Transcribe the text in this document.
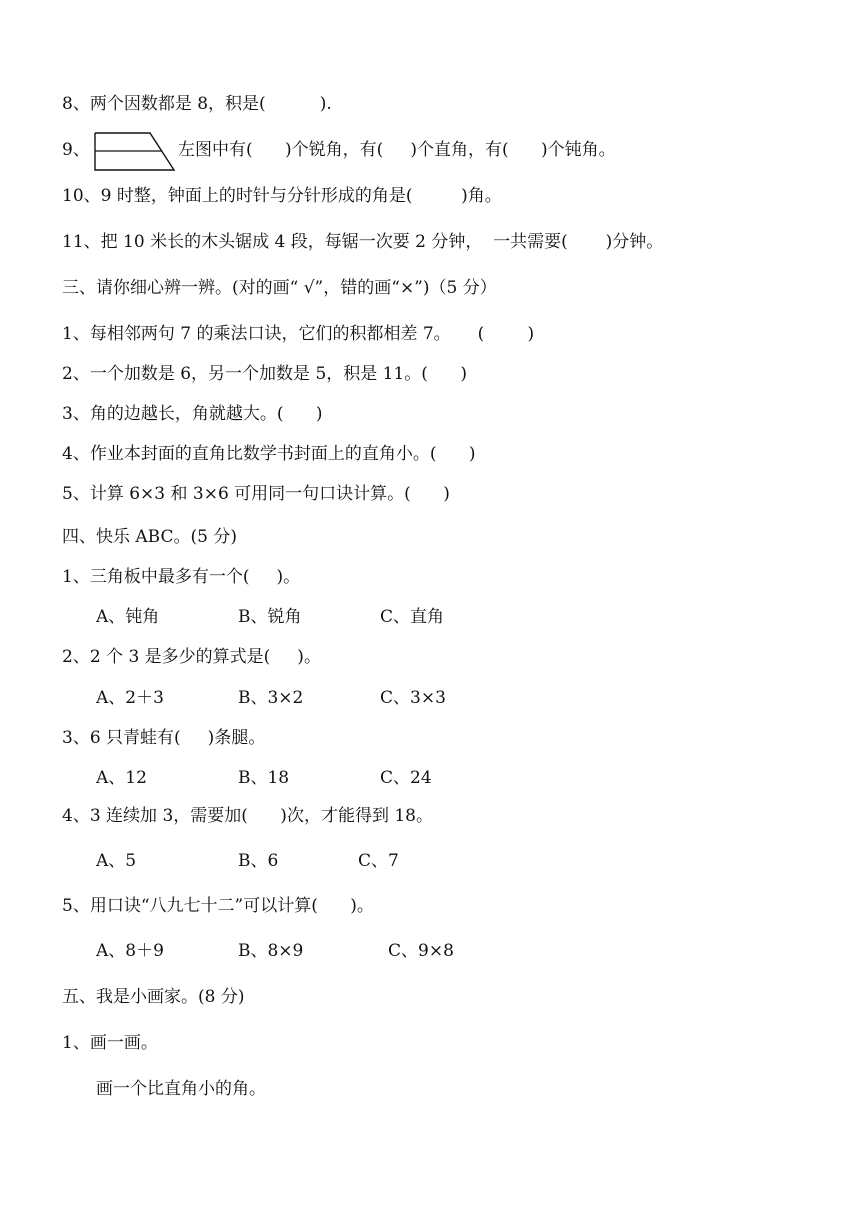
8、两个因数都是 8，积是(          ).
9、	左图中有(      )个锐角，有(     )个直角，有(      )个钝角。
10、9 时整，钟面上的时针与分针形成的角是(         )角。
11、把 10 米长的木头锯成 4 段，每锯一次要 2 分钟，  一共需要(       )分钟。
三、请你细心辨一辨。(对的画“ √”，错的画“×”)（5 分）
1、每相邻两句 7 的乘法口诀，它们的积都相差 7。     (        )
2、一个加数是 6，另一个加数是 5，积是 11。(      )
3、角的边越长，角就越大。(      )
4、作业本封面的直角比数学书封面上的直角小。(      )
5、计算 6×3 和 3×6 可用同一句口诀计算。(      )
四、快乐 ABC。(5 分)
1、三角板中最多有一个(     )。
A、钝角	B、锐角	C、直角
2、2 个 3 是多少的算式是(     )。
A、2＋3	B、3×2	C、3×3
3、6 只青蛙有(     )条腿。
A、12	B、18	C、24
4、3 连续加 3，需要加(      )次，才能得到 18。
A、5	B、6	C、7
5、用口诀“八九七十二”可以计算(      )。
A、8＋9	B、8×9	C、9×8
五、我是小画家。(8 分)
1、画一画。
画一个比直角小的角。
